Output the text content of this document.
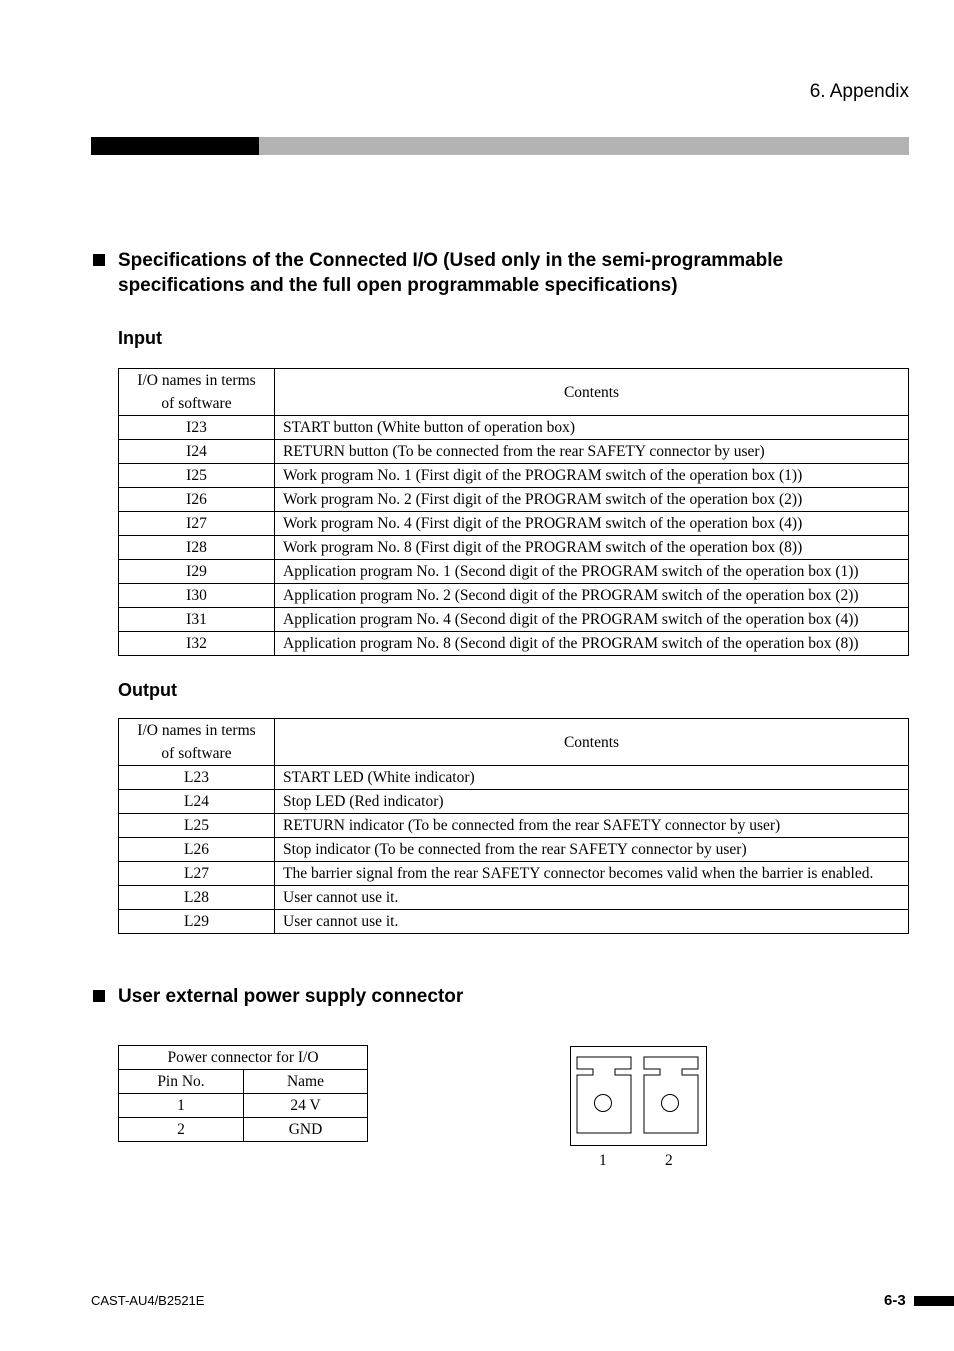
6. Appendix
Specifications of the Connected I/O (Used only in the semi-programmable
specifications and the full open programmable specifications)
Input
I/O names in terms
of software	Contents
I23	START button (White button of operation box)
I24	RETURN button (To be connected from the rear SAFETY connector by user)
I25	Work program No. 1 (First digit of the PROGRAM switch of the operation box (1))
I26	Work program No. 2 (First digit of the PROGRAM switch of the operation box (2))
I27	Work program No. 4 (First digit of the PROGRAM switch of the operation box (4))
I28	Work program No. 8 (First digit of the PROGRAM switch of the operation box (8))
I29	Application program No. 1 (Second digit of the PROGRAM switch of the operation box (1))
I30	Application program No. 2 (Second digit of the PROGRAM switch of the operation box (2))
I31	Application program No. 4 (Second digit of the PROGRAM switch of the operation box (4))
I32	Application program No. 8 (Second digit of the PROGRAM switch of the operation box (8))
Output
I/O names in terms
of software	Contents
L23	START LED (White indicator)
L24	Stop LED (Red indicator)
L25	RETURN indicator (To be connected from the rear SAFETY connector by user)
L26	Stop indicator (To be connected from the rear SAFETY connector by user)
L27	The barrier signal from the rear SAFETY connector becomes valid when the barrier is enabled.
L28	User cannot use it.
L29	User cannot use it.
User external power supply connector
Power connector for I/O	
Pin No.	Name
1	24 V
2	GND
1	2
CAST-AU4/B2521E	6-3
